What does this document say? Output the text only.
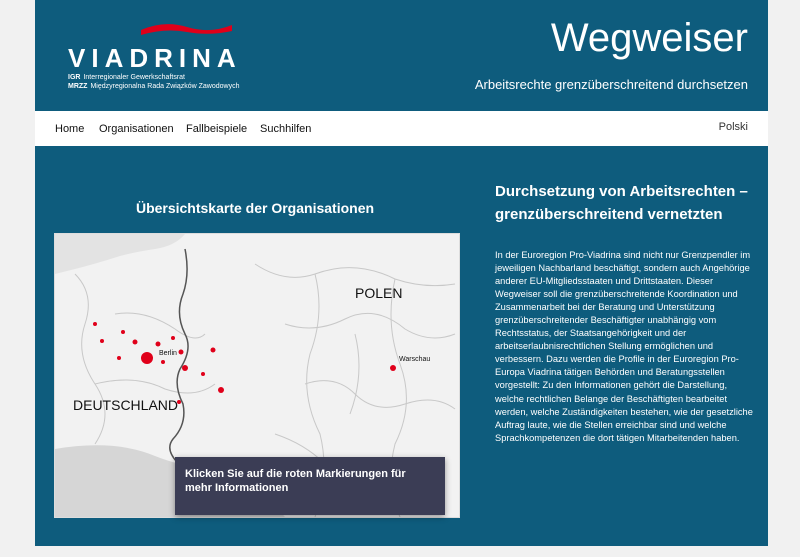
VIADRINA
IGR Interregionaler Gewerkschaftsrat
MRZZ Międzyregionalna Rada Związków Zawodowych
Wegweiser
Arbeitsrechte grenzüberschreitend durchsetzen
Home Organisationen Fallbeispiele Suchhilfen	Polski
Übersichtskarte der Organisationen
POLEN
DEUTSCHLAND
Berlin
Warschau
Klicken Sie auf die roten Markierungen für mehr Informationen
Durchsetzung von Arbeitsrechten – grenzüberschreitend vernetzten

In der Euroregion Pro-Viadrina sind nicht nur Grenzpendler im jeweiligen Nachbarland beschäftigt, sondern auch Angehörige anderer EU-Mitgliedsstaaten und Drittstaaten. Dieser Wegweiser soll die grenzüberschreitende Koordination und Zusammenarbeit bei der Beratung und Unterstützung grenzüberschreitender Beschäftigter unabhängig vom Rechtsstatus, der Staatsangehörigkeit und der arbeitserlaubnisrechtlichen Stellung ermöglichen und verbessern. Dazu werden die Profile in der Euroregion Pro-Europa Viadrina tätigen Behörden und Beratungsstellen vorgestellt: Zu den Informationen gehört die Darstellung, welche rechtlichen Belange der Beschäftigten bearbeitet werden, welche Zuständigkeiten bestehen, wie der gesetzliche Auftrag laute, wie die Stellen erreichbar sind und welche Sprachkompetenzen die dort tätigen Mitarbeitenden haben.
